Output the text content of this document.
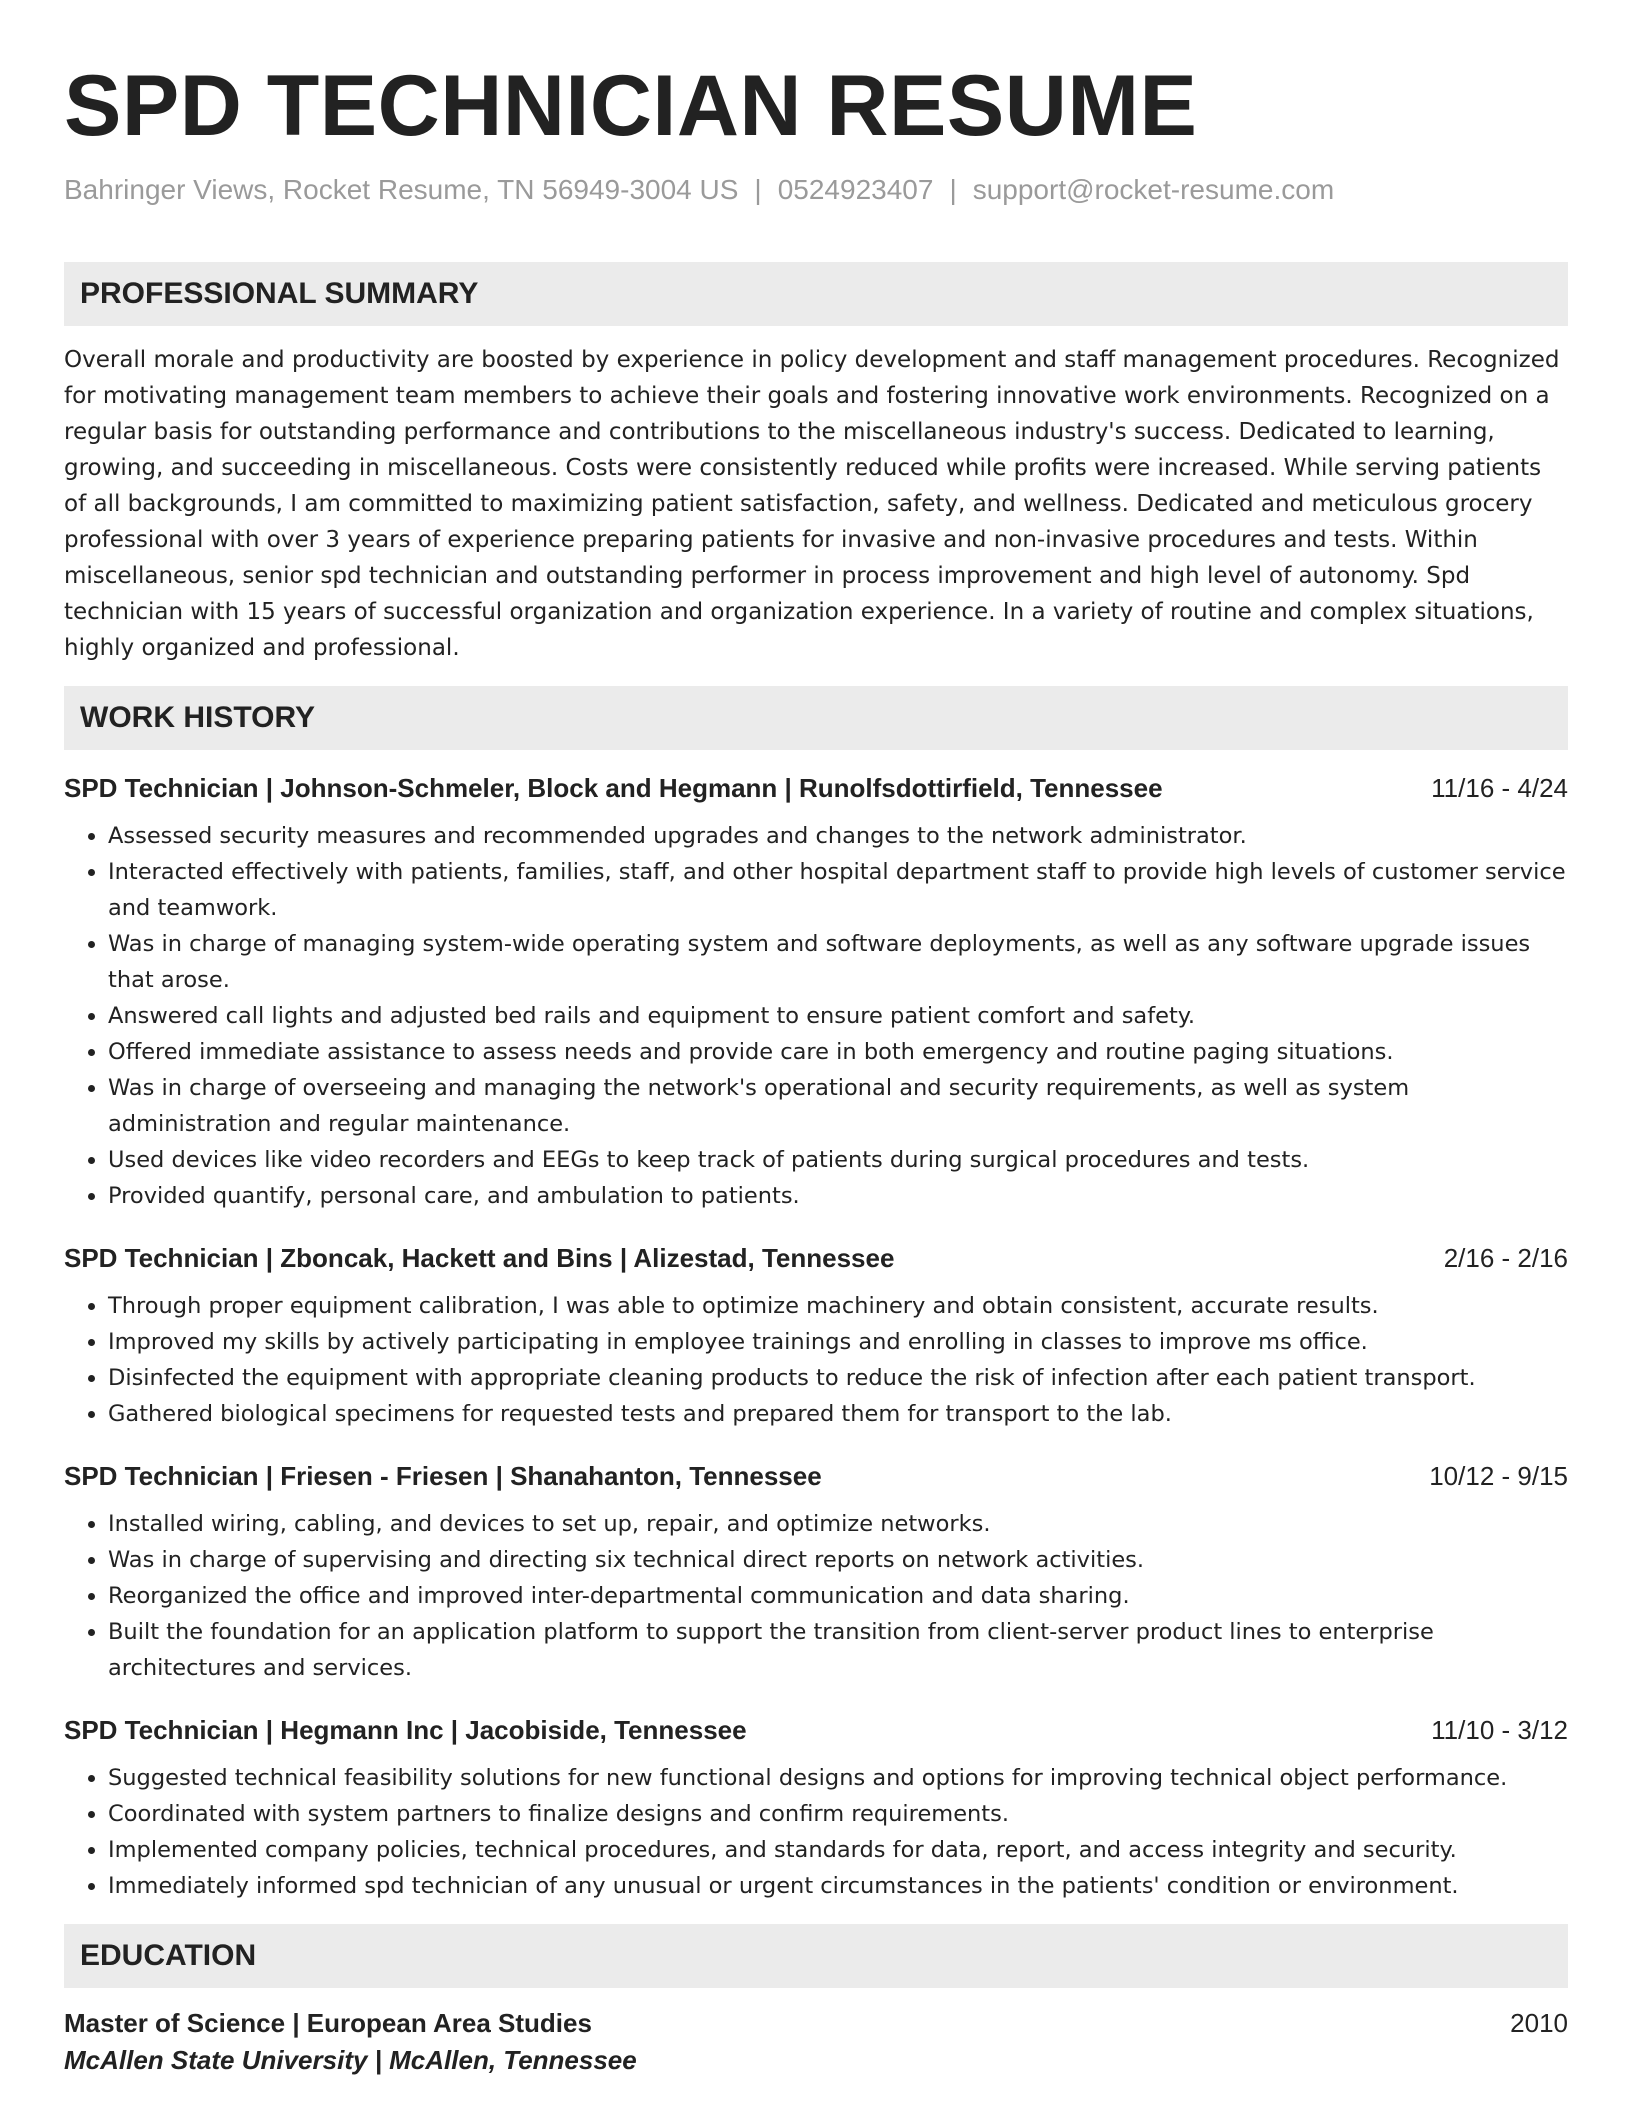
SPD TECHNICIAN RESUME
Bahringer Views, Rocket Resume, TN 56949-3004 US | 0524923407 | support@rocket-resume.com
PROFESSIONAL SUMMARY

Overall morale and productivity are boosted by experience in policy development and staff management procedures. Recognized for motivating management team members to achieve their goals and fostering innovative work environments. Recognized on a regular basis for outstanding performance and contributions to the miscellaneous industry's success. Dedicated to learning, growing, and succeeding in miscellaneous. Costs were consistently reduced while profits were increased. While serving patients of all backgrounds, I am committed to maximizing patient satisfaction, safety, and wellness. Dedicated and meticulous grocery professional with over 3 years of experience preparing patients for invasive and non-invasive procedures and tests. Within miscellaneous, senior spd technician and outstanding performer in process improvement and high level of autonomy. Spd technician with 15 years of successful organization and organization experience. In a variety of routine and complex situations, highly organized and professional.

WORK HISTORY
SPD Technician | Johnson-Schmeler, Block and Hegmann | Runolfsdottirfield, Tennessee	11/16 - 4/24
• Assessed security measures and recommended upgrades and changes to the network administrator.
• Interacted effectively with patients, families, staff, and other hospital department staff to provide high levels of customer service and teamwork.
• Was in charge of managing system-wide operating system and software deployments, as well as any software upgrade issues that arose.
• Answered call lights and adjusted bed rails and equipment to ensure patient comfort and safety.
• Offered immediate assistance to assess needs and provide care in both emergency and routine paging situations.
• Was in charge of overseeing and managing the network's operational and security requirements, as well as system administration and regular maintenance.
• Used devices like video recorders and EEGs to keep track of patients during surgical procedures and tests.
• Provided quantify, personal care, and ambulation to patients.
SPD Technician | Zboncak, Hackett and Bins | Alizestad, Tennessee	2/16 - 2/16
• Through proper equipment calibration, I was able to optimize machinery and obtain consistent, accurate results.
• Improved my skills by actively participating in employee trainings and enrolling in classes to improve ms office.
• Disinfected the equipment with appropriate cleaning products to reduce the risk of infection after each patient transport.
• Gathered biological specimens for requested tests and prepared them for transport to the lab.
SPD Technician | Friesen - Friesen | Shanahanton, Tennessee	10/12 - 9/15
• Installed wiring, cabling, and devices to set up, repair, and optimize networks.
• Was in charge of supervising and directing six technical direct reports on network activities.
• Reorganized the office and improved inter-departmental communication and data sharing.
• Built the foundation for an application platform to support the transition from client-server product lines to enterprise architectures and services.
SPD Technician | Hegmann Inc | Jacobiside, Tennessee	11/10 - 3/12
• Suggested technical feasibility solutions for new functional designs and options for improving technical object performance.
• Coordinated with system partners to finalize designs and confirm requirements.
• Implemented company policies, technical procedures, and standards for data, report, and access integrity and security.
• Immediately informed spd technician of any unusual or urgent circumstances in the patients' condition or environment.
EDUCATION
Master of Science | European Area Studies	2010
McAllen State University | McAllen, Tennessee
